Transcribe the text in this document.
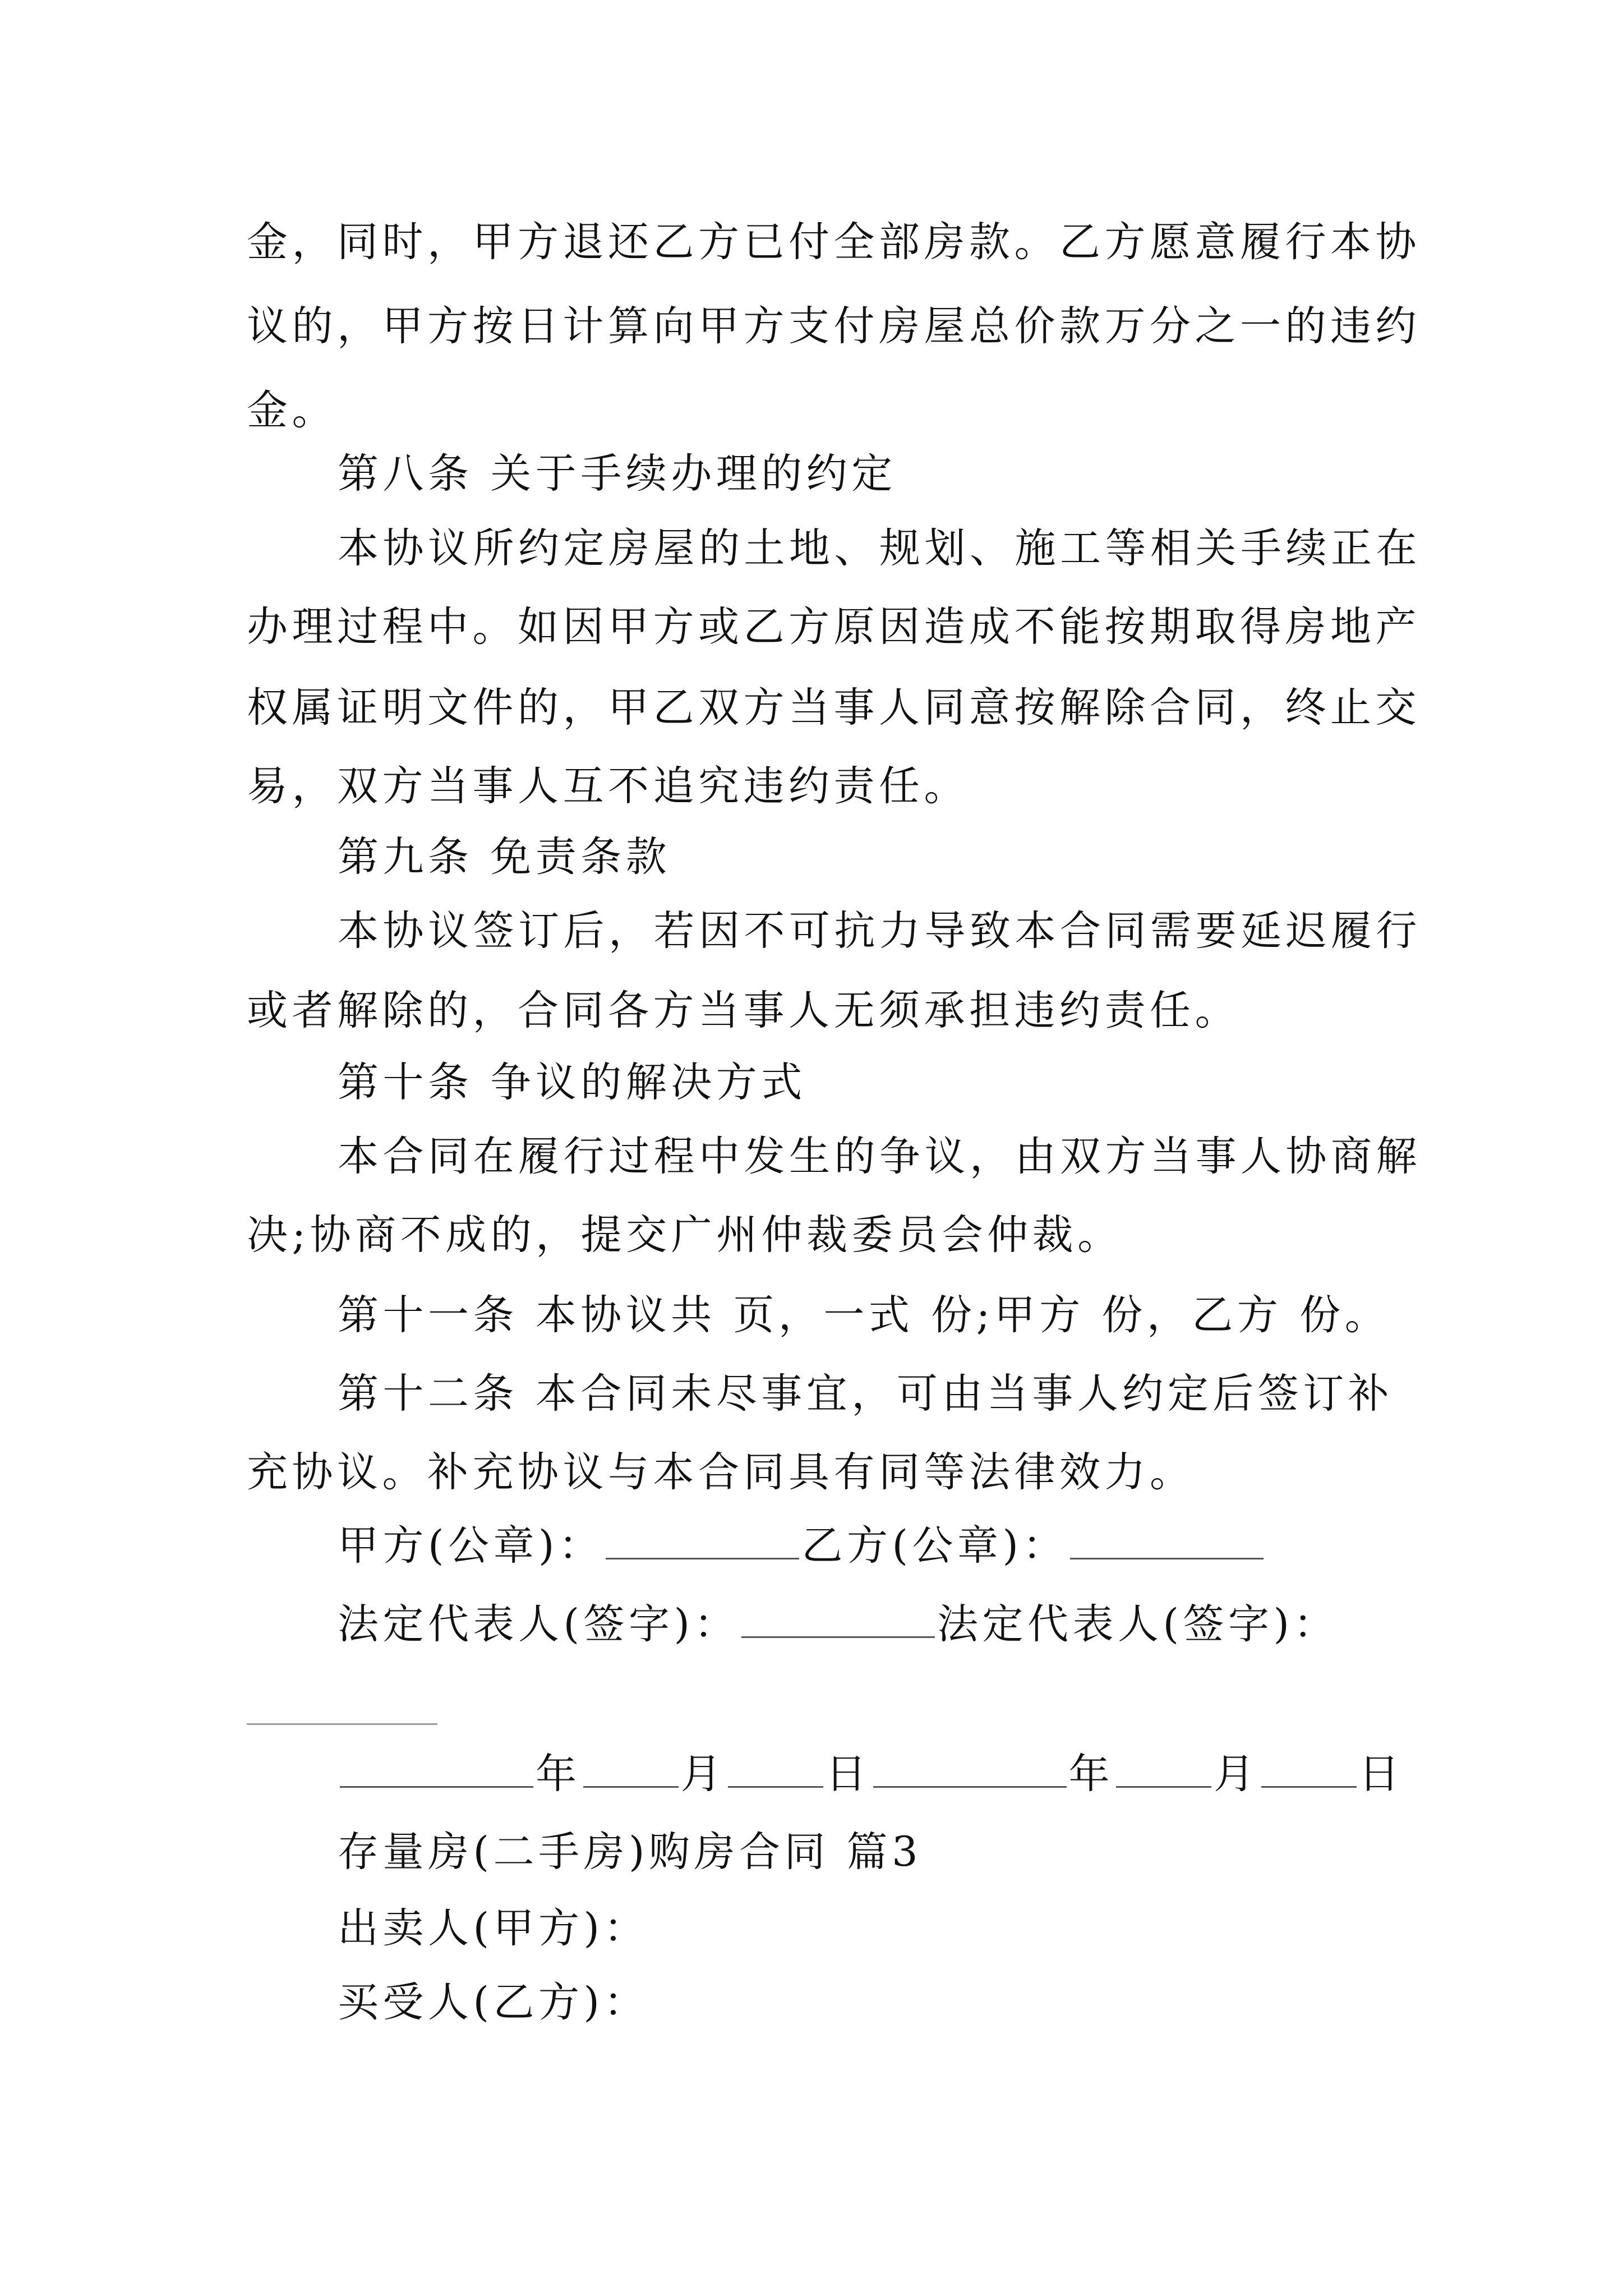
金，同时，甲方退还乙方已付全部房款。乙方愿意履行本协
议的，甲方按日计算向甲方支付房屋总价款万分之一的违约
金。
第八条 关于手续办理的约定
本协议所约定房屋的土地、规划、施工等相关手续正在
办理过程中。如因甲方或乙方原因造成不能按期取得房地产
权属证明文件的，甲乙双方当事人同意按解除合同，终止交
易，双方当事人互不追究违约责任。
第九条 免责条款
本协议签订后，若因不可抗力导致本合同需要延迟履行
或者解除的，合同各方当事人无须承担违约责任。
第十条 争议的解决方式
本合同在履行过程中发生的争议，由双方当事人协商解
决;协商不成的，提交广州仲裁委员会仲裁。
第十一条 本协议共 页，一式 份;甲方 份，乙方 份。
第十二条 本合同未尽事宜，可由当事人约定后签订补
充协议。补充协议与本合同具有同等法律效力。
甲方(公章)：	乙方(公章)：
法定代表人(签字)：	法定代表人(签字)：
年 月 日	年 月 日
存量房(二手房)购房合同 篇3
出卖人(甲方)：
买受人(乙方)：
